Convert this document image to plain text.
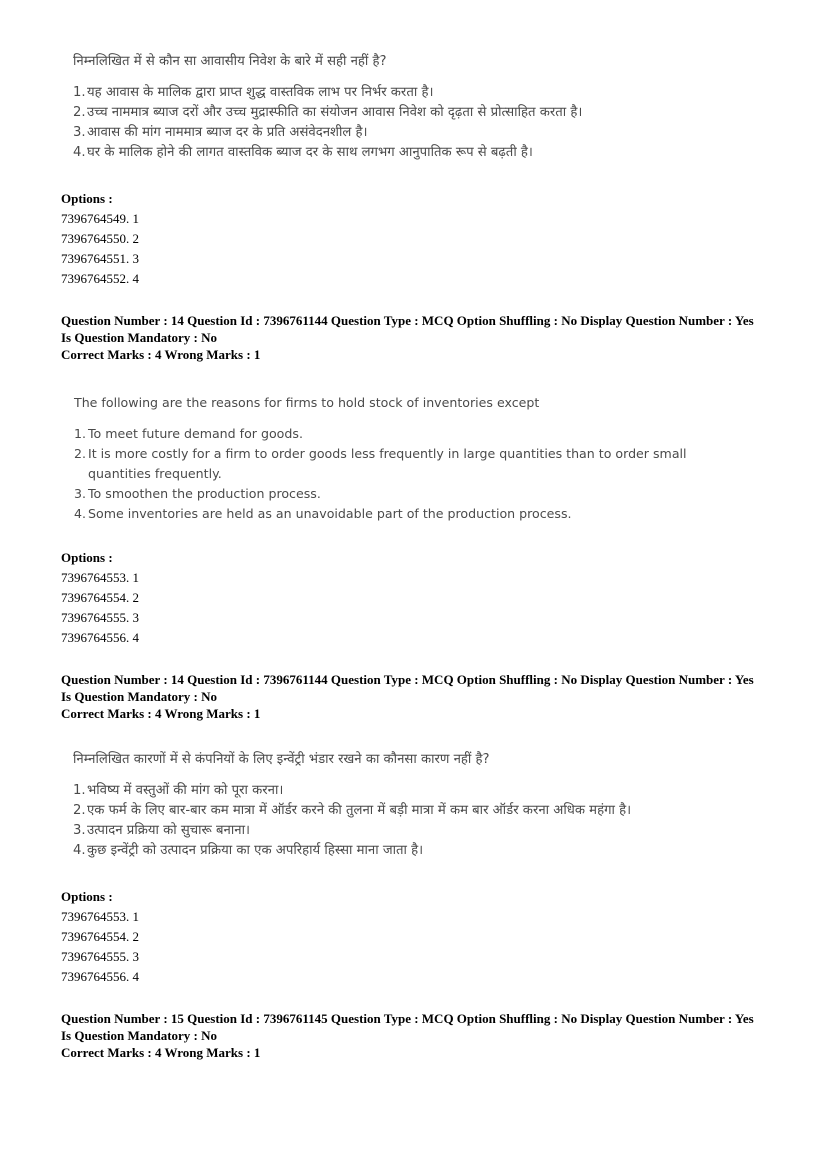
निम्नलिखित में से कौन सा आवासीय निवेश के बारे में सही नहीं है?
1. यह आवास के मालिक द्वारा प्राप्त शुद्ध वास्तविक लाभ पर निर्भर करता है।
2. उच्च नाममात्र ब्याज दरों और उच्च मुद्रास्फीति का संयोजन आवास निवेश को दृढ़ता से प्रोत्साहित करता है।
3. आवास की मांग नाममात्र ब्याज दर के प्रति असंवेदनशील है।
4. घर के मालिक होने की लागत वास्तविक ब्याज दर के साथ लगभग आनुपातिक रूप से बढ़ती है।
Options :
7396764549. 1
7396764550. 2
7396764551. 3
7396764552. 4
Question Number : 14 Question Id : 7396761144 Question Type : MCQ Option Shuffling : No Display Question Number : Yes
Is Question Mandatory : No
Correct Marks : 4 Wrong Marks : 1
The following are the reasons for firms to hold stock of inventories except
1. To meet future demand for goods.
2. It is more costly for a firm to order goods less frequently in large quantities than to order small quantities frequently.
3. To smoothen the production process.
4. Some inventories are held as an unavoidable part of the production process.
Options :
7396764553. 1
7396764554. 2
7396764555. 3
7396764556. 4
Question Number : 14 Question Id : 7396761144 Question Type : MCQ Option Shuffling : No Display Question Number : Yes
Is Question Mandatory : No
Correct Marks : 4 Wrong Marks : 1
निम्नलिखित कारणों में से कंपनियों के लिए इन्वेंट्री भंडार रखने का कौनसा कारण नहीं है?
1. भविष्य में वस्तुओं की मांग को पूरा करना।
2. एक फर्म के लिए बार-बार कम मात्रा में ऑर्डर करने की तुलना में बड़ी मात्रा में कम बार ऑर्डर करना अधिक महंगा है।
3. उत्पादन प्रक्रिया को सुचारू बनाना।
4. कुछ इन्वेंट्री को उत्पादन प्रक्रिया का एक अपरिहार्य हिस्सा माना जाता है।
Options :
7396764553. 1
7396764554. 2
7396764555. 3
7396764556. 4
Question Number : 15 Question Id : 7396761145 Question Type : MCQ Option Shuffling : No Display Question Number : Yes
Is Question Mandatory : No
Correct Marks : 4 Wrong Marks : 1
